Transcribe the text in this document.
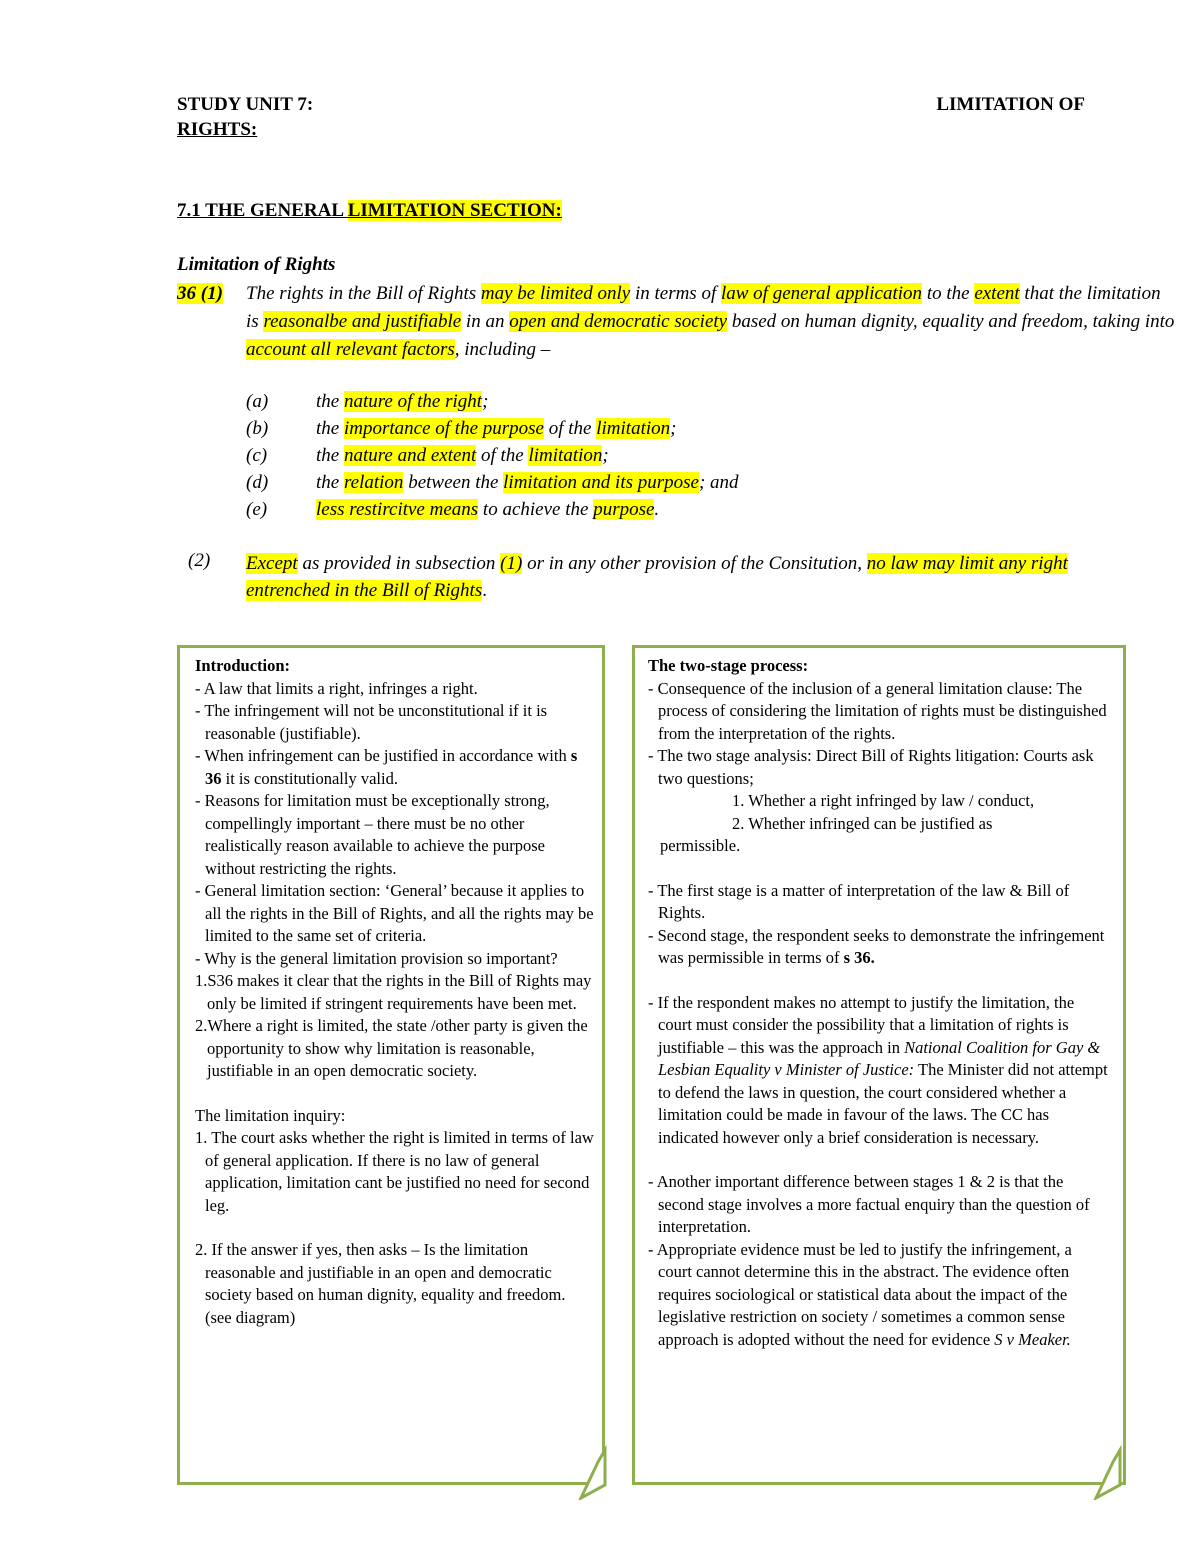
STUDY UNIT 7:	LIMITATION OF
RIGHTS:
7.1 THE GENERAL LIMITATION SECTION:
Limitation of Rights
36 (1) The rights in the Bill of Rights may be limited only in terms of law of general application to the extent that the limitation is reasonalbe and justifiable in an open and democratic society based on human dignity, equality and freedom, taking into account all relevant factors, including –
(a)	the nature of the right;
(b)	the importance of the purpose of the limitation;
(c)	the nature and extent of the limitation;
(d)	the relation between the limitation and its purpose; and
(e)	less restircitve means to achieve the purpose.
(2) Except as provided in subsection (1) or in any other provision of the Consitution, no law may limit any right entrenched in the Bill of Rights.
Introduction:
- A law that limits a right, infringes a right.
- The infringement will not be unconstitutional if it is reasonable (justifiable).
- When infringement can be justified in accordance with s 36 it is constitutionally valid.
- Reasons for limitation must be exceptionally strong, compellingly important – there must be no other realistically reason available to achieve the purpose without restricting the rights.
- General limitation section: ‘General’ because it applies to all the rights in the Bill of Rights, and all the rights may be limited to the same set of criteria.
- Why is the general limitation provision so important?
1.S36 makes it clear that the rights in the Bill of Rights may only be limited if stringent requirements have been met.
2.Where a right is limited, the state /other party is given the opportunity to show why limitation is reasonable, justifiable in an open democratic society.
The limitation inquiry:
1. The court asks whether the right is limited in terms of law of general application. If there is no law of general application, limitation cant be justified no need for second leg.
2. If the answer if yes, then asks – Is the limitation reasonable and justifiable in an open and democratic society based on human dignity, equality and freedom. (see diagram)
The two-stage process:
- Consequence of the inclusion of a general limitation clause: The process of considering the limitation of rights must be distinguished from the interpretation of the rights.
- The two stage analysis: Direct Bill of Rights litigation: Courts ask two questions;
1. Whether a right infringed by law / conduct,
2. Whether infringed can be justified as
permissible.
- The first stage is a matter of interpretation of the law & Bill of Rights.
- Second stage, the respondent seeks to demonstrate the infringement was permissible in terms of s 36.
- If the respondent makes no attempt to justify the limitation, the court must consider the possibility that a limitation of rights is justifiable – this was the approach in National Coalition for Gay & Lesbian Equality v Minister of Justice: The Minister did not attempt to defend the laws in question, the court considered whether a limitation could be made in favour of the laws. The CC has indicated however only a brief consideration is necessary.
- Another important difference between stages 1 & 2 is that the second stage involves a more factual enquiry than the question of interpretation.
- Appropriate evidence must be led to justify the infringement, a court cannot determine this in the abstract. The evidence often requires sociological or statistical data about the impact of the legislative restriction on society / sometimes a common sense approach is adopted without the need for evidence S v Meaker.
